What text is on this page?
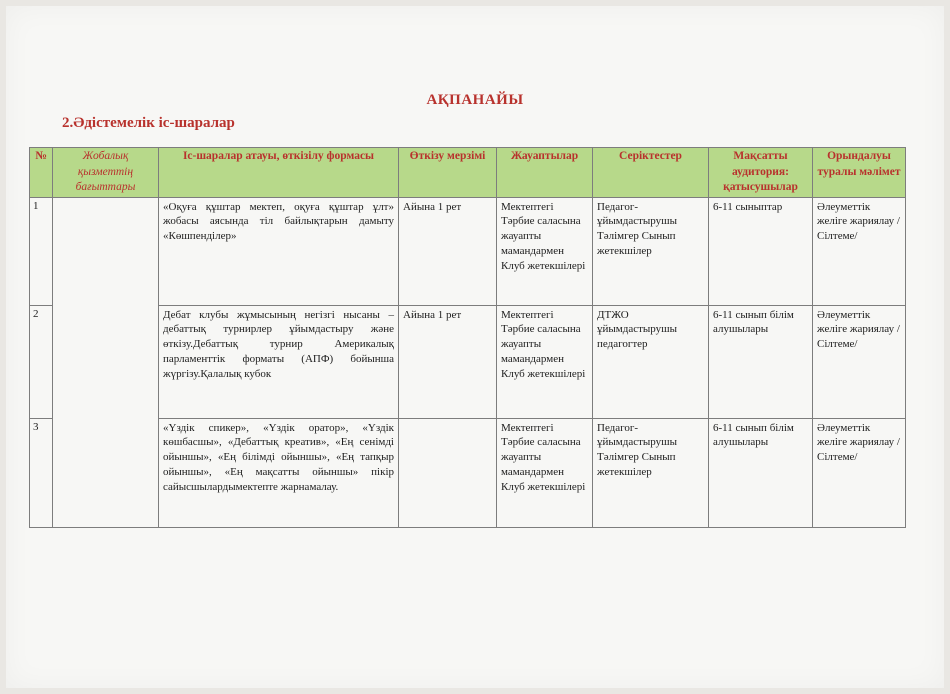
АҚПАНАЙЫ
2.Әдістемелік іс-шаралар
№	Жобалық қызметтің бағыттары	Іс-шаралар атауы, өткізілу формасы	Өткізу мерзімі	Жауаптылар	Серіктестер	Мақсатты аудитория: қатысушылар	Орындалуы туралы мәлімет
1		«Оқуға құштар мектеп, оқуға құштар ұлт» жобасы аясында тіл байлықтарын дамыту «Көшпенділер»	Айына 1 рет	Мектептегі Тәрбие саласына жауапты мамандармен Клуб жетекшілері	Педагог-ұйымдастырушы Тәлімгер Сынып жетекшілер	6-11 сыныптар	Әлеуметтік желіге жариялау /Сілтеме/
2		Дебат клубы жұмысының негізгі нысаны – дебаттық турнирлер ұйымдастыру және өткізу.Дебаттық турнир Америкалық парламенттік форматы (АПФ) бойынша жүргізу.Қалалық кубок	Айына 1 рет	Мектептегі Тәрбие саласына жауапты мамандармен Клуб жетекшілері	ДТЖО ұйымдастырушы педагогтер	6-11 сынып білім алушылары	Әлеуметтік желіге жариялау /Сілтеме/
3		«Үздік спикер», «Үздік оратор», «Үздік көшбасшы», «Дебаттық креатив», «Ең сенімді ойыншы», «Ең білімді ойыншы», «Ең тапқыр ойыншы», «Ең мақсатты ойыншы» пікір сайысшылардымектепте жарнамалау.		Мектептегі Тәрбие саласына жауапты мамандармен Клуб жетекшілері	Педагог-ұйымдастырушы Тәлімгер Сынып жетекшілер	6-11 сынып білім алушылары	Әлеуметтік желіге жариялау /Сілтеме/
